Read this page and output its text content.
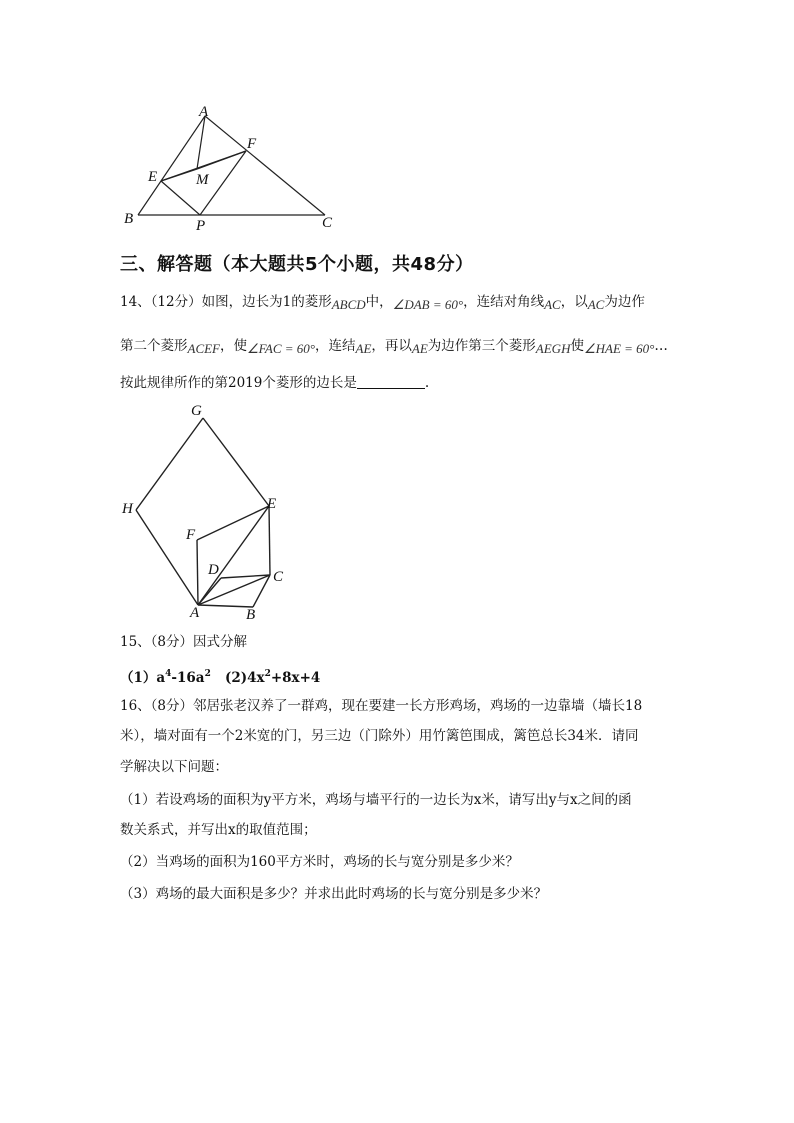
A
F
E	M
B	P	C
三、解答题（本大题共5个小题，共48分）
14、（12分）如图，边长为1的菱形ABCD中，∠DAB = 60°，连结对角线AC，以AC为边作
第二个菱形ACEF，使∠FAC = 60°，连结AE，再以AE为边作第三个菱形AEGH使∠HAE = 60°…
按此规律所作的第2019个菱形的边长是	.
G
H	E
F
D	C
A	B
15、（8分）因式分解
$(1)a^4-16a^2$ $(2)4x^2+8x+4$
16、（8分）邻居张老汉养了一群鸡，现在要建一长方形鸡场，鸡场的一边靠墙（墙长18
米），墙对面有一个2米宽的门，另三边（门除外）用竹篱笆围成，篱笆总长34米．请同
学解决以下问题：
（1）若设鸡场的面积为y平方米，鸡场与墙平行的一边长为x米，请写出y与x之间的函
数关系式，并写出x的取值范围；
（2）当鸡场的面积为160平方米时，鸡场的长与宽分别是多少米？
（3）鸡场的最大面积是多少？并求出此时鸡场的长与宽分别是多少米？
